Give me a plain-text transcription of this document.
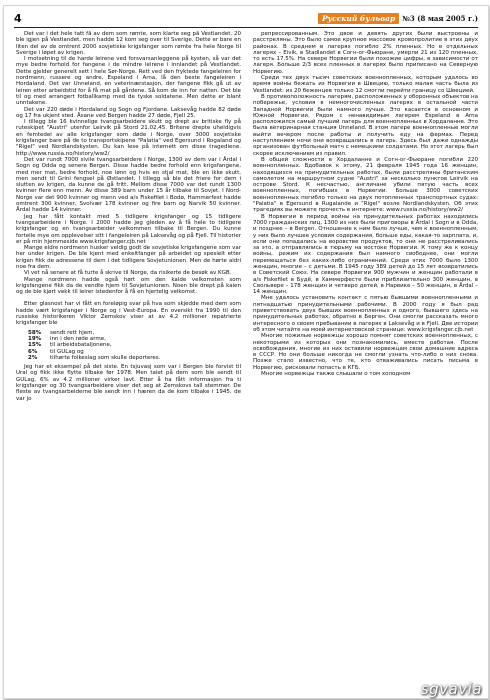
4	Русский бульвар	№3 (8 мая 2005 г.)

Det var i det hele tatt få av dem som rømte, som klarte seg på Vestlandet. 20 ble igjen på Vestlandet, men hadde 12 kom seg over til Sverige. Dette er bare en liten del av de omtrent 2000 sovjetiske krigsfanger som rømte fra hele Norge til Sverige i løpet av krigen.

I motsetning til de harde leirene ved forsvarsanleggene på kysten, så var det mye bedre forhold for fangene i de mindre leirene i innlandet på Vestlandet. Dette gjelder generelt sett i hele Sør-Norge. Rett ved den fryktede fangeleiren for nordmenn, russere og andre, Espeland i Arna, lå den beste fangeleiren i Hordaland. Det var Unneland, en veterinærstasjon, der fangene fikk gå ut av leiren etter arbeidstid for å få mat på gårdene. Så kom de inn for natten. Det ble til og med arrangert fotballkamp med de tyske soldatene. Men dette er blant unntakene.

Det var 220 døde i Hordaland og Sogn og Fjordane. Laksevåg hadde 82 døde og 17 fra ukjent sted. Åsane ved Bergen hadde 27 døde, Fjell 25.

I tillegg ble 16 kvinnelige tvangsarbeidere skutt og drept av britiske fly på ruteskipet "Austri" utenfor Leirvik på Stord 21.02.45. Britene drepte uheldigvis en femtedel av alle krigsfanger som døde i Norge, over 3000 sovjetiske krigsfanger bare på de to transportskipene "Palatia" ved Egersund i Rogaland og "Rigel" ved Nordlandskysten. Du kan lese på internett om disse tragediene. http://www.russia.no/history/ww2/

Det var rundt 7000 sivile tvangsarbeidere i Norge, 1300 av dem var i Årdal i Sogn og Odda og senere Bergen. Disse hadde bedre forhold enn krigsfangene, med mer mat, bedre forhold, noe lønn og hvis en stjal mat, ble en ikke skutt, men sendt til Grini fengsel på Østlandet. I tillegg så ble det friere for dem i slutten av krigen, da kunne de gå fritt. Mellom disse 7000 var det rundt 1300 kvinner flere enn menn. Av disse 389 barn under 15 år tilbake til Sovjet. I Nord-Norge var det 900 kvinner og menn ved a/s Fiskefilet i Bodø, Hammerfest hadde omtrent 300 kvinner, Svolvær 178 kvinner og fire barn og Narvik 50 kvinner. Årdal hadde 14 kvinner.

Jeg har fått kontakt med 5 tidligere krigsfanger og 15 tidligere tvangsarbeidere i Norge. I 2000 hadde jeg gleden av å få hele to tidligere krigsfanger og en tvangsarbeider velkommen tilbake til Bergen. Du kunne fortelle mye om opplevelser sitt i fangeleiren på Laksevåg og på Fjell. Til historier er på min hjemmeside www.krigsfanger.cjb.net

Mange eldre nordmenn husker veldig godt de sovjetiske krigsfangene som var her under krigen. De ble kjent med enkeltfanger på arbeidet og spesielt etter krigen fikk de adressene til dem i det tidligere Sovjetunionen. Men de hørte aldri noe fra dem.

Vi vet nå senere at få turte å skrive til Norge, da risikerte de besøk av KGB.

Mange nordmenn hadde også hørt om den kalde velkomsten som krigsfangene fikk da de vendte hjem til Sovjetunionen. Noen ble drept på kaien og de ble kjørt vekk til leirer istedenfor å få en hjertelig velkomst.

Etter glasnost har vi fått en foreløpig svar på hva som skjedde med dem som hadde vært krigsfanger i Norge og i Vest-Europa. En oversikt fra 1990 til den russiske historikeren Viktor Zemskov viser at av 4.2 millioner repatrierte krigsfanger ble

58%	sendt rett hjem,
19%	inn i den røde arme,
15%	til arbeidsbataljonene,
6%	til GULag og
2%	tilhørte folkeslag som skulle deporteres.

Jeg har et eksempel på det siste. En tsjuvasj som var i Bergen ble forvist til Ural og fikk ikke flytte tilbake før 1978. Men talet på dem som ble sendt til GULag, 6% av 4.2 millioner virker lavt. Etter å ha fått informasjon fra ti krigsfanger og 30 tvangsarbeidere viser det seg at Zemskovs tall stemmer. De fleste av tvangsarbeiderne ble sendt inn i hæren da de kom tilbake i 1945, de var jo

репрессированным. Это двое и девять других были выстроены и расстреляны. Это было самое крупное массовое кровопролитие в этих двух районах. В среднем в лагерях погибло 2% пленных. Но в отдельных лагерях – Eivik, в Stadlandet в Согн-ог-Фьюране, умерли 21 из 120 пленных, то есть 17.5%. На севере Норвегии были похожие цифры, в зависимости от лагеря. Больше 2/3 всех пленных в лагерях было приписано на Северную Норвегию.

Среди тех двух тысяч советских военнопленных, которым удалось во время войны бежать из Норвегии в Швецию, только малая часть была из Vestlandet: из 20 беженцев только 12 смогли перейти границу со Швецией.

В противоположность лагерям, расположенных у оборонных объектов на побережье, условия в немногочисленных лагерях в остальной части Западной Норвегии были намного лучше. Это касается в основном и Южной Норвегии. Рядом с ненавидимым лагерем Espeland в Arna расположился самый лучший лагерь для военнопленных в Хордаланне. Это была ветеринарная станция Unneland. В этом лагере военнопленные могли выйти вечером после работы и получить еду на фермах. Перед наступлением ночи они возвращались в лагерь. Здесь был даже однажды организован футбольный матч с немецкими солдатами. Но этот лагерь был скорее исключением из правил.

В общей сложности в Хордаланне и Согн-ог-Фьюране погибли 220 военнопленных. Вдобавок к этому, 21 февраля 1945 года 16 женщин, находящихся на принудительных работах, были расстреляны британским самолетом на маршрутном судне "Austri" за несколько пунктов Leirvik на острове Stord. К несчастью, англичане убили пятую часть всех военнопленных, погибших в Норвегии. Больше 3000 советских военнопленных погибло только на двух потопленных транспортных судах: "Palatia" в Egersund в Rugalande и "Rigel" возле Nordlandskysten. Об этих трагедиях вы можете прочесть в интернете: www.russia.no/history/ww2/

В Норвегии в период войны на принудительных работах находились 7000 гражданских лиц, 1300 из них были приговоры в Årdal i Sogn и в Odda, и позднее – в Bergen. Отношение к ним было лучше, чем к военнопленным, у них было лучшее условия содержания, больше еды, какая-то зарплата, и, если они попадались на воровстве продуктов, то они не расстреливались за это, а отправлялись в тюрьму на востоке Норвегии. К тому же к концу войны, режим их содержания был намного свободнее, они могли перемещаться без каких-либо ограничений. Среди этих 7000 было 1300 женщин, многие – с детьми. В 1945 году 389 детей до 15 лет возвратились в Советский Союз. На севере Норвегии 900 мужчин и женщин работали в а/s Fiskefilet в Будё, в Хаммерфесте были приблизительно 300 женщин, в Свольвере – 178 женщин и четверо детей, в Нарвике – 50 женщин, в Årdal – 14 женщин.

Мне удалось установить контакт с пятью бывшими военнопленными и пятнадцатью принудительными рабочими. В 2000 году я был рад приветствовать двух бывших военнопленных и одного, бывшего здесь на принудительных работах, обратно в Берген. Они смогли рассказать много интересного о своем пребывании в лагерях в Laksevåg и в Fjell. Две истории об этом читайте на моей интернетовской странице: www.krigsfanger.cjb.net

Многие пожилые норвежцы хорошо помнят советских военнопленных, с некоторыми из которых они познакомились, вместе работая. После освобождения, многие из них оставили норвежцам свои домашние адреса в СССР. Но они больше никогда не смогли узнать что-либо о них снова. Позже стало известно, что те, кто отваживались писать письма в Норвегию, рисковали попасть в КГБ.

Многие норвежцы также слышали о том холодном

sgvavia
